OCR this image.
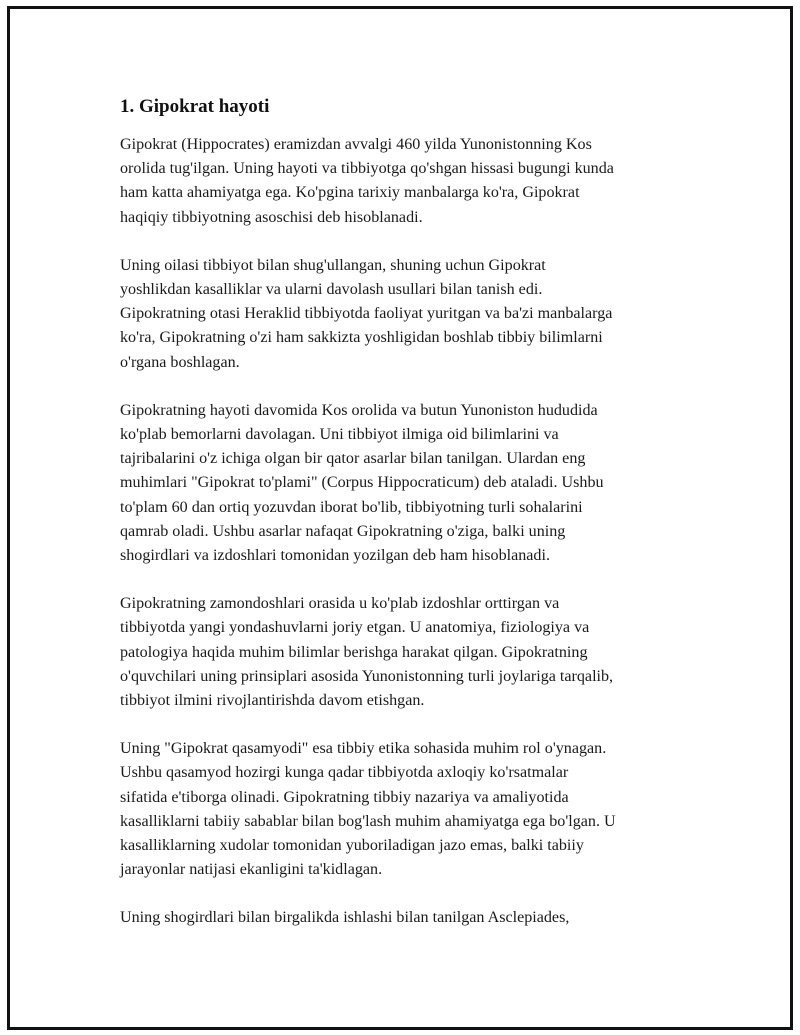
1. Gipokrat hayoti

Gipokrat (Hippocrates) eramizdan avvalgi 460 yilda Yunonistonning Kos
orolida tug'ilgan. Uning hayoti va tibbiyotga qo'shgan hissasi bugungi kunda
ham katta ahamiyatga ega. Ko'pgina tarixiy manbalarga ko'ra, Gipokrat
haqiqiy tibbiyotning asoschisi deb hisoblanadi.

Uning oilasi tibbiyot bilan shug'ullangan, shuning uchun Gipokrat
yoshlikdan kasalliklar va ularni davolash usullari bilan tanish edi.
Gipokratning otasi Heraklid tibbiyotda faoliyat yuritgan va ba'zi manbalarga
ko'ra, Gipokratning o'zi ham sakkizta yoshligidan boshlab tibbiy bilimlarni
o'rgana boshlagan.

Gipokratning hayoti davomida Kos orolida va butun Yunoniston hududida
ko'plab bemorlarni davolagan. Uni tibbiyot ilmiga oid bilimlarini va
tajribalarini o'z ichiga olgan bir qator asarlar bilan tanilgan. Ulardan eng
muhimlari "Gipokrat to'plami" (Corpus Hippocraticum) deb ataladi. Ushbu
to'plam 60 dan ortiq yozuvdan iborat bo'lib, tibbiyotning turli sohalarini
qamrab oladi. Ushbu asarlar nafaqat Gipokratning o'ziga, balki uning
shogirdlari va izdoshlari tomonidan yozilgan deb ham hisoblanadi.

Gipokratning zamondoshlari orasida u ko'plab izdoshlar orttirgan va
tibbiyotda yangi yondashuvlarni joriy etgan. U anatomiya, fiziologiya va
patologiya haqida muhim bilimlar berishga harakat qilgan. Gipokratning
o'quvchilari uning prinsiplari asosida Yunonistonning turli joylariga tarqalib,
tibbiyot ilmini rivojlantirishda davom etishgan.

Uning "Gipokrat qasamyodi" esa tibbiy etika sohasida muhim rol o'ynagan.
Ushbu qasamyod hozirgi kunga qadar tibbiyotda axloqiy ko'rsatmalar
sifatida e'tiborga olinadi. Gipokratning tibbiy nazariya va amaliyotida
kasalliklarni tabiiy sabablar bilan bog'lash muhim ahamiyatga ega bo'lgan. U
kasalliklarning xudolar tomonidan yuboriladigan jazo emas, balki tabiiy
jarayonlar natijasi ekanligini ta'kidlagan.

Uning shogirdlari bilan birgalikda ishlashi bilan tanilgan Asclepiades,
